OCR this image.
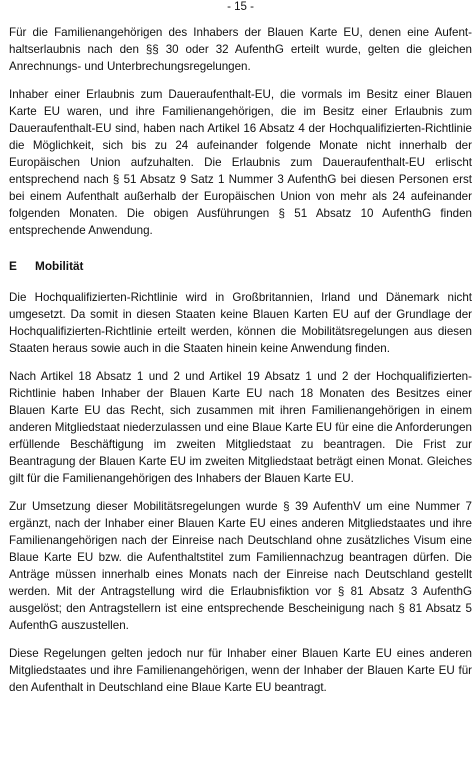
- 15 -

Für die Familienangehörigen des Inhabers der Blauen Karte EU, denen eine Aufenthaltserlaubnis nach den §§ 30 oder 32 AufenthG erteilt wurde, gelten die gleichen Anrechnungs- und Unterbrechungsregelungen.

Inhaber einer Erlaubnis zum Daueraufenthalt-EU, die vormals im Besitz einer Blauen Karte EU waren, und ihre Familienangehörigen, die im Besitz einer Erlaubnis zum Daueraufenthalt-EU sind, haben nach Artikel 16 Absatz 4 der Hochqualifizierten-Richtlinie die Möglichkeit, sich bis zu 24 aufeinander folgende Monate nicht innerhalb der Europäischen Union aufzuhalten. Die Erlaubnis zum Daueraufenthalt-EU erlischt entsprechend nach § 51 Absatz 9 Satz 1 Nummer 3 AufenthG bei diesen Personen erst bei einem Aufenthalt außerhalb der Europäischen Union von mehr als 24 aufeinander folgenden Monaten. Die obigen Ausführungen § 51 Absatz 10 AufenthG finden entsprechende Anwendung.

E	Mobilität

Die Hochqualifizierten-Richtlinie wird in Großbritannien, Irland und Dänemark nicht umgesetzt. Da somit in diesen Staaten keine Blauen Karten EU auf der Grundlage der Hochqualifizierten-Richtlinie erteilt werden, können die Mobilitätsregelungen aus diesen Staaten heraus sowie auch in die Staaten hinein keine Anwendung finden.

Nach Artikel 18 Absatz 1 und 2 und Artikel 19 Absatz 1 und 2 der Hochqualifizierten-Richtlinie haben Inhaber der Blauen Karte EU nach 18 Monaten des Besitzes einer Blauen Karte EU das Recht, sich zusammen mit ihren Familienangehörigen in einem anderen Mitgliedstaat niederzulassen und eine Blaue Karte EU für eine die Anforderungen erfüllende Beschäftigung im zweiten Mitgliedstaat zu beantragen. Die Frist zur Beantragung der Blauen Karte EU im zweiten Mitgliedstaat beträgt einen Monat. Gleiches gilt für die Familienangehörigen des Inhabers der Blauen Karte EU.

Zur Umsetzung dieser Mobilitätsregelungen wurde § 39 AufenthV um eine Nummer 7 ergänzt, nach der Inhaber einer Blauen Karte EU eines anderen Mitgliedstaates und ihre Familienangehörigen nach der Einreise nach Deutschland ohne zusätzliches Visum eine Blaue Karte EU bzw. die Aufenthaltstitel zum Familiennachzug beantragen dürfen. Die Anträge müssen innerhalb eines Monats nach der Einreise nach Deutschland gestellt werden. Mit der Antragstellung wird die Erlaubnisfiktion vor § 81 Absatz 3 AufenthG ausgelöst; den Antragstellern ist eine entsprechende Bescheinigung nach § 81 Absatz 5 AufenthG auszustellen.

Diese Regelungen gelten jedoch nur für Inhaber einer Blauen Karte EU eines anderen Mitgliedstaates und ihre Familienangehörigen, wenn der Inhaber der Blauen Karte EU für den Aufenthalt in Deutschland eine Blaue Karte EU beantragt.
